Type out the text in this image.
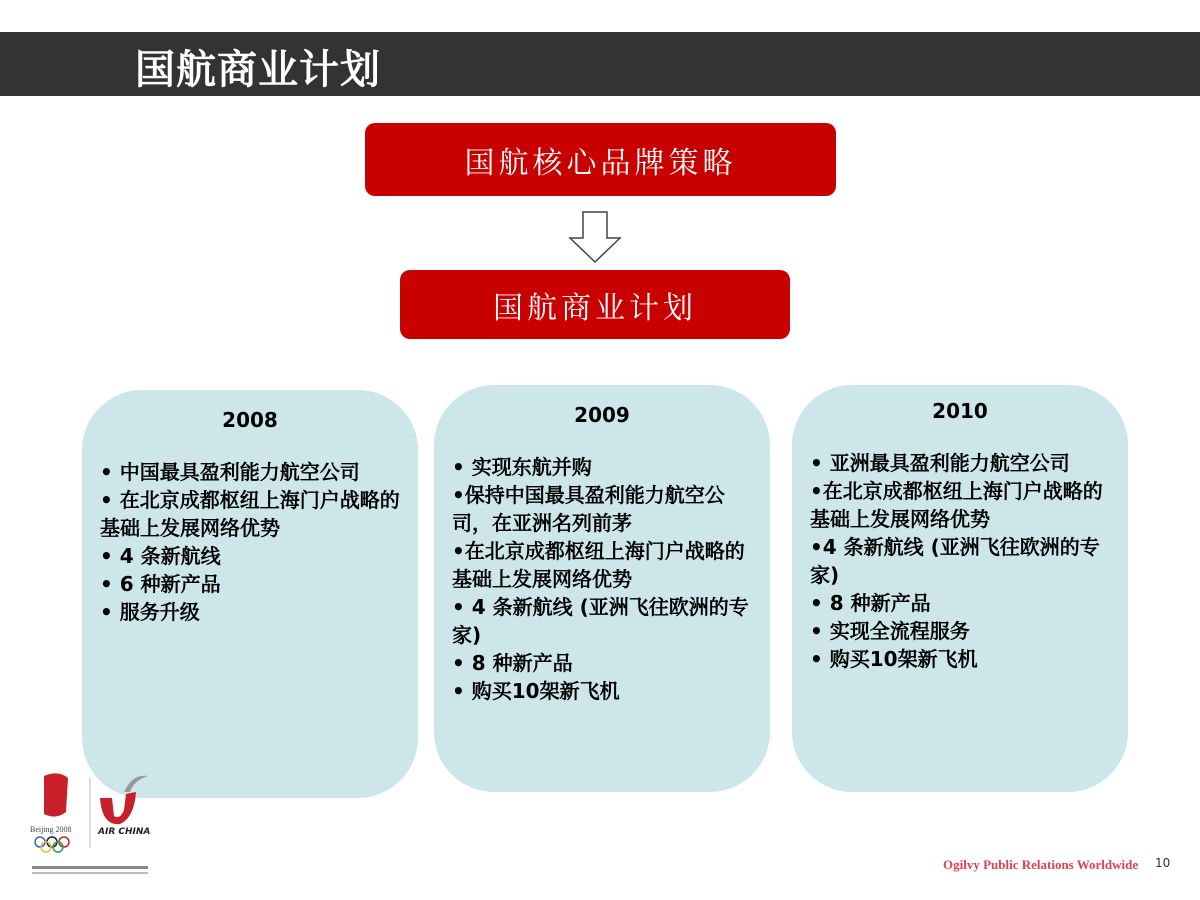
国航商业计划
国航核心品牌策略
国航商业计划
2008
• 中国最具盈利能力航空公司
• 在北京成都枢纽上海门户战略的基础上发展网络优势
• 4 条新航线
• 6 种新产品
• 服务升级
2009
• 实现东航并购
•保持中国最具盈利能力航空公司，在亚洲名列前茅
•在北京成都枢纽上海门户战略的基础上发展网络优势
• 4 条新航线 (亚洲飞往欧洲的专家)
• 8 种新产品
• 购买10架新飞机
2010
• 亚洲最具盈利能力航空公司
•在北京成都枢纽上海门户战略的基础上发展网络优势
•4 条新航线 (亚洲飞往欧洲的专家)
• 8 种新产品
• 实现全流程服务
• 购买10架新飞机
Beijing 2008	AIR CHINA
Ogilvy Public Relations Worldwide 10
